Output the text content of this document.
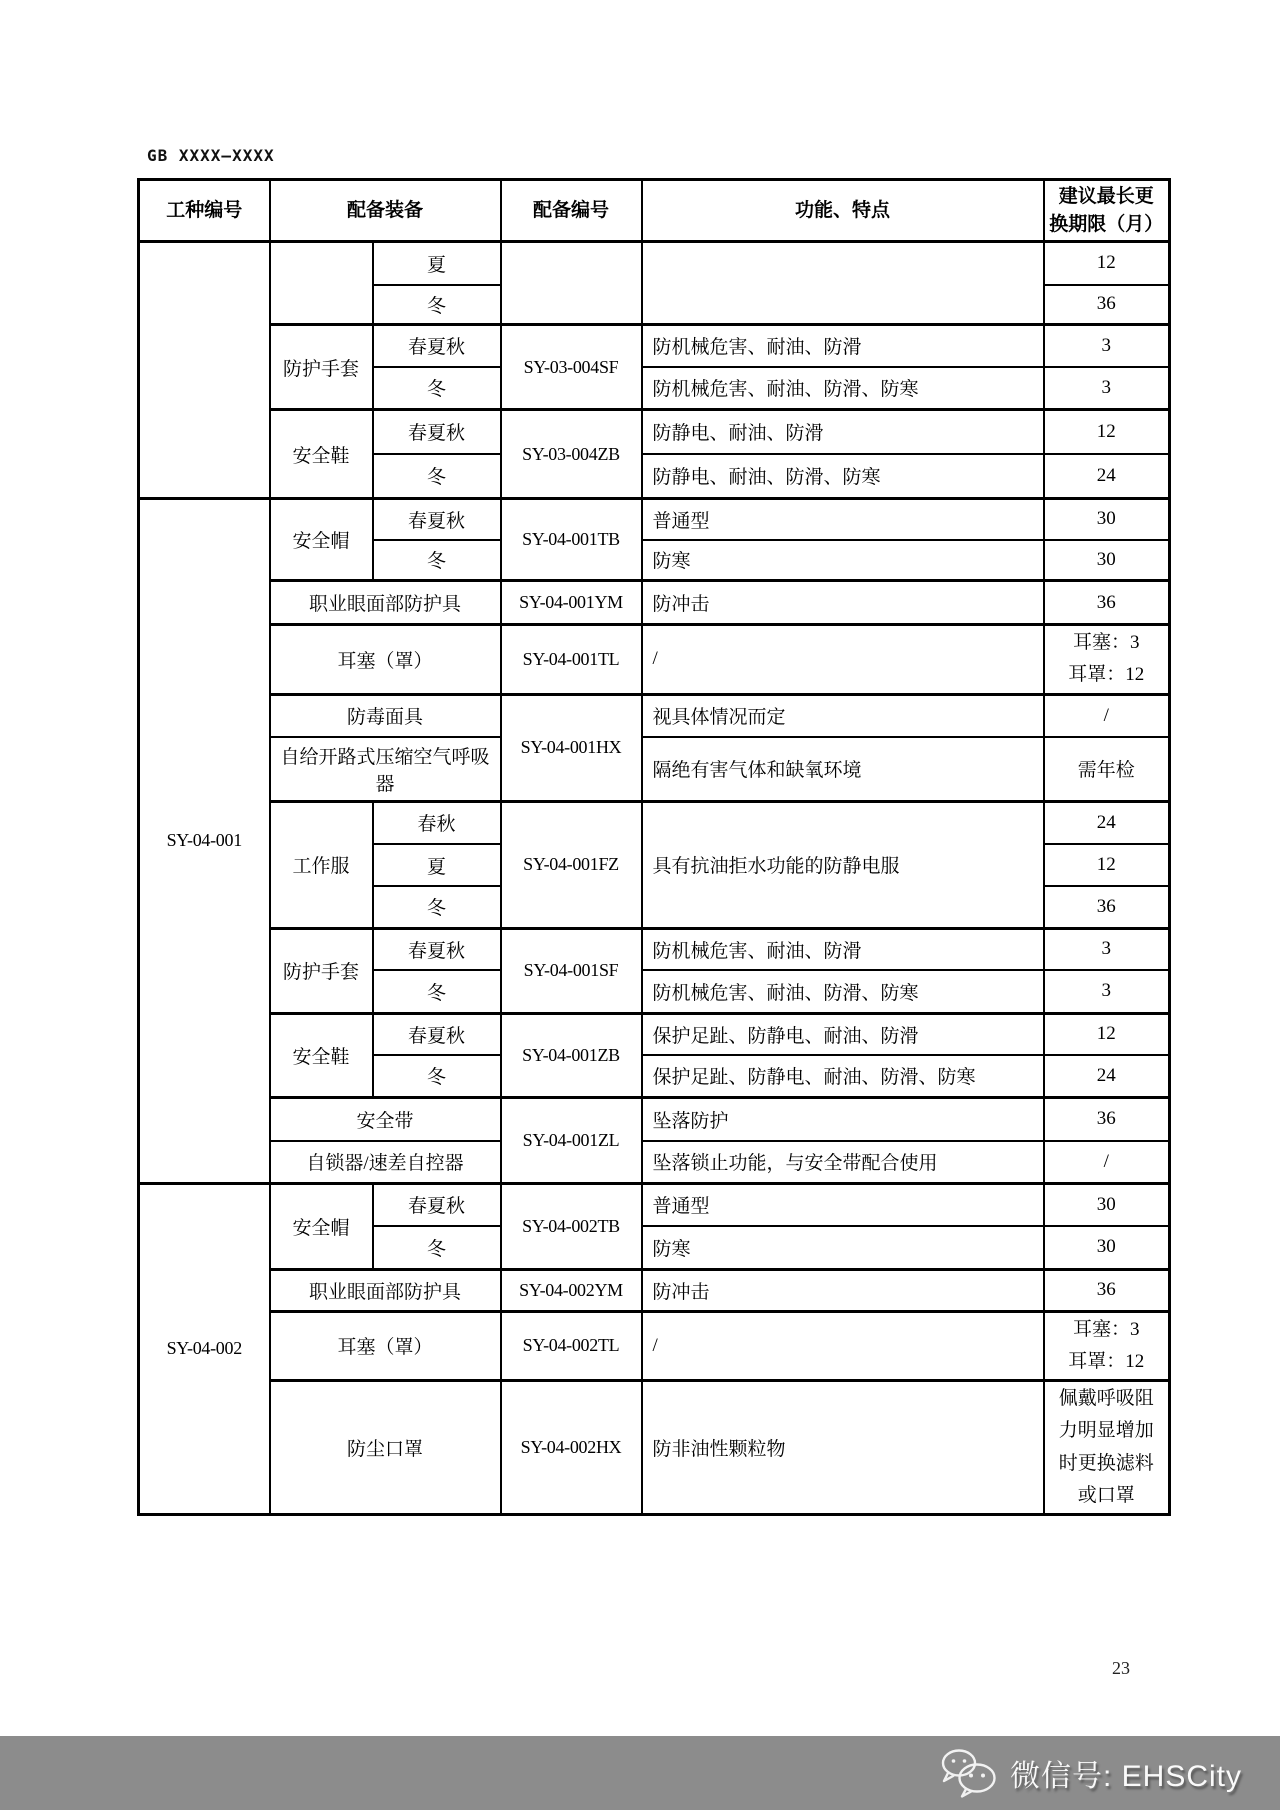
GB XXXX—XXXX
工种编号	配备装备		配备编号	功能、特点	建议最长更
换期限（月）

		夏			12
		冬			36
	防护手套	春夏秋	SY-03-004SF	防机械危害、耐油、防滑	3
		冬		防机械危害、耐油、防滑、防寒	3
	安全鞋	春夏秋	SY-03-004ZB	防静电、耐油、防滑	12
		冬		防静电、耐油、防滑、防寒	24
SY-04-001	安全帽	春夏秋	SY-04-001TB	普通型	30
		冬		防寒	30
	职业眼面部防护具		SY-04-001YM	防冲击	36
	耳塞（罩）		SY-04-001TL	/	耳塞：3
耳罩：12

	防毒面具		SY-04-001HX	视具体情况而定	/
	自给开路式压缩空气呼吸器			隔绝有害气体和缺氧环境	需年检
	工作服	春秋	SY-04-001FZ	具有抗油拒水功能的防静电服	24
		夏			12
		冬			36
	防护手套	春夏秋	SY-04-001SF	防机械危害、耐油、防滑	3
		冬		防机械危害、耐油、防滑、防寒	3
	安全鞋	春夏秋	SY-04-001ZB	保护足趾、防静电、耐油、防滑	12
		冬		保护足趾、防静电、耐油、防滑、防寒	24
	安全带		SY-04-001ZL	坠落防护	36
	自锁器/速差自控器			坠落锁止功能，与安全带配合使用	/
SY-04-002	安全帽	春夏秋	SY-04-002TB	普通型	30
		冬		防寒	30
	职业眼面部防护具		SY-04-002YM	防冲击	36
	耳塞（罩）		SY-04-002TL	/	耳塞：3
耳罩：12

	防尘口罩		SY-04-002HX	防非油性颗粒物	佩戴呼吸阻
力明显增加
时更换滤料
或口罩
23
微信号: EHSCity
